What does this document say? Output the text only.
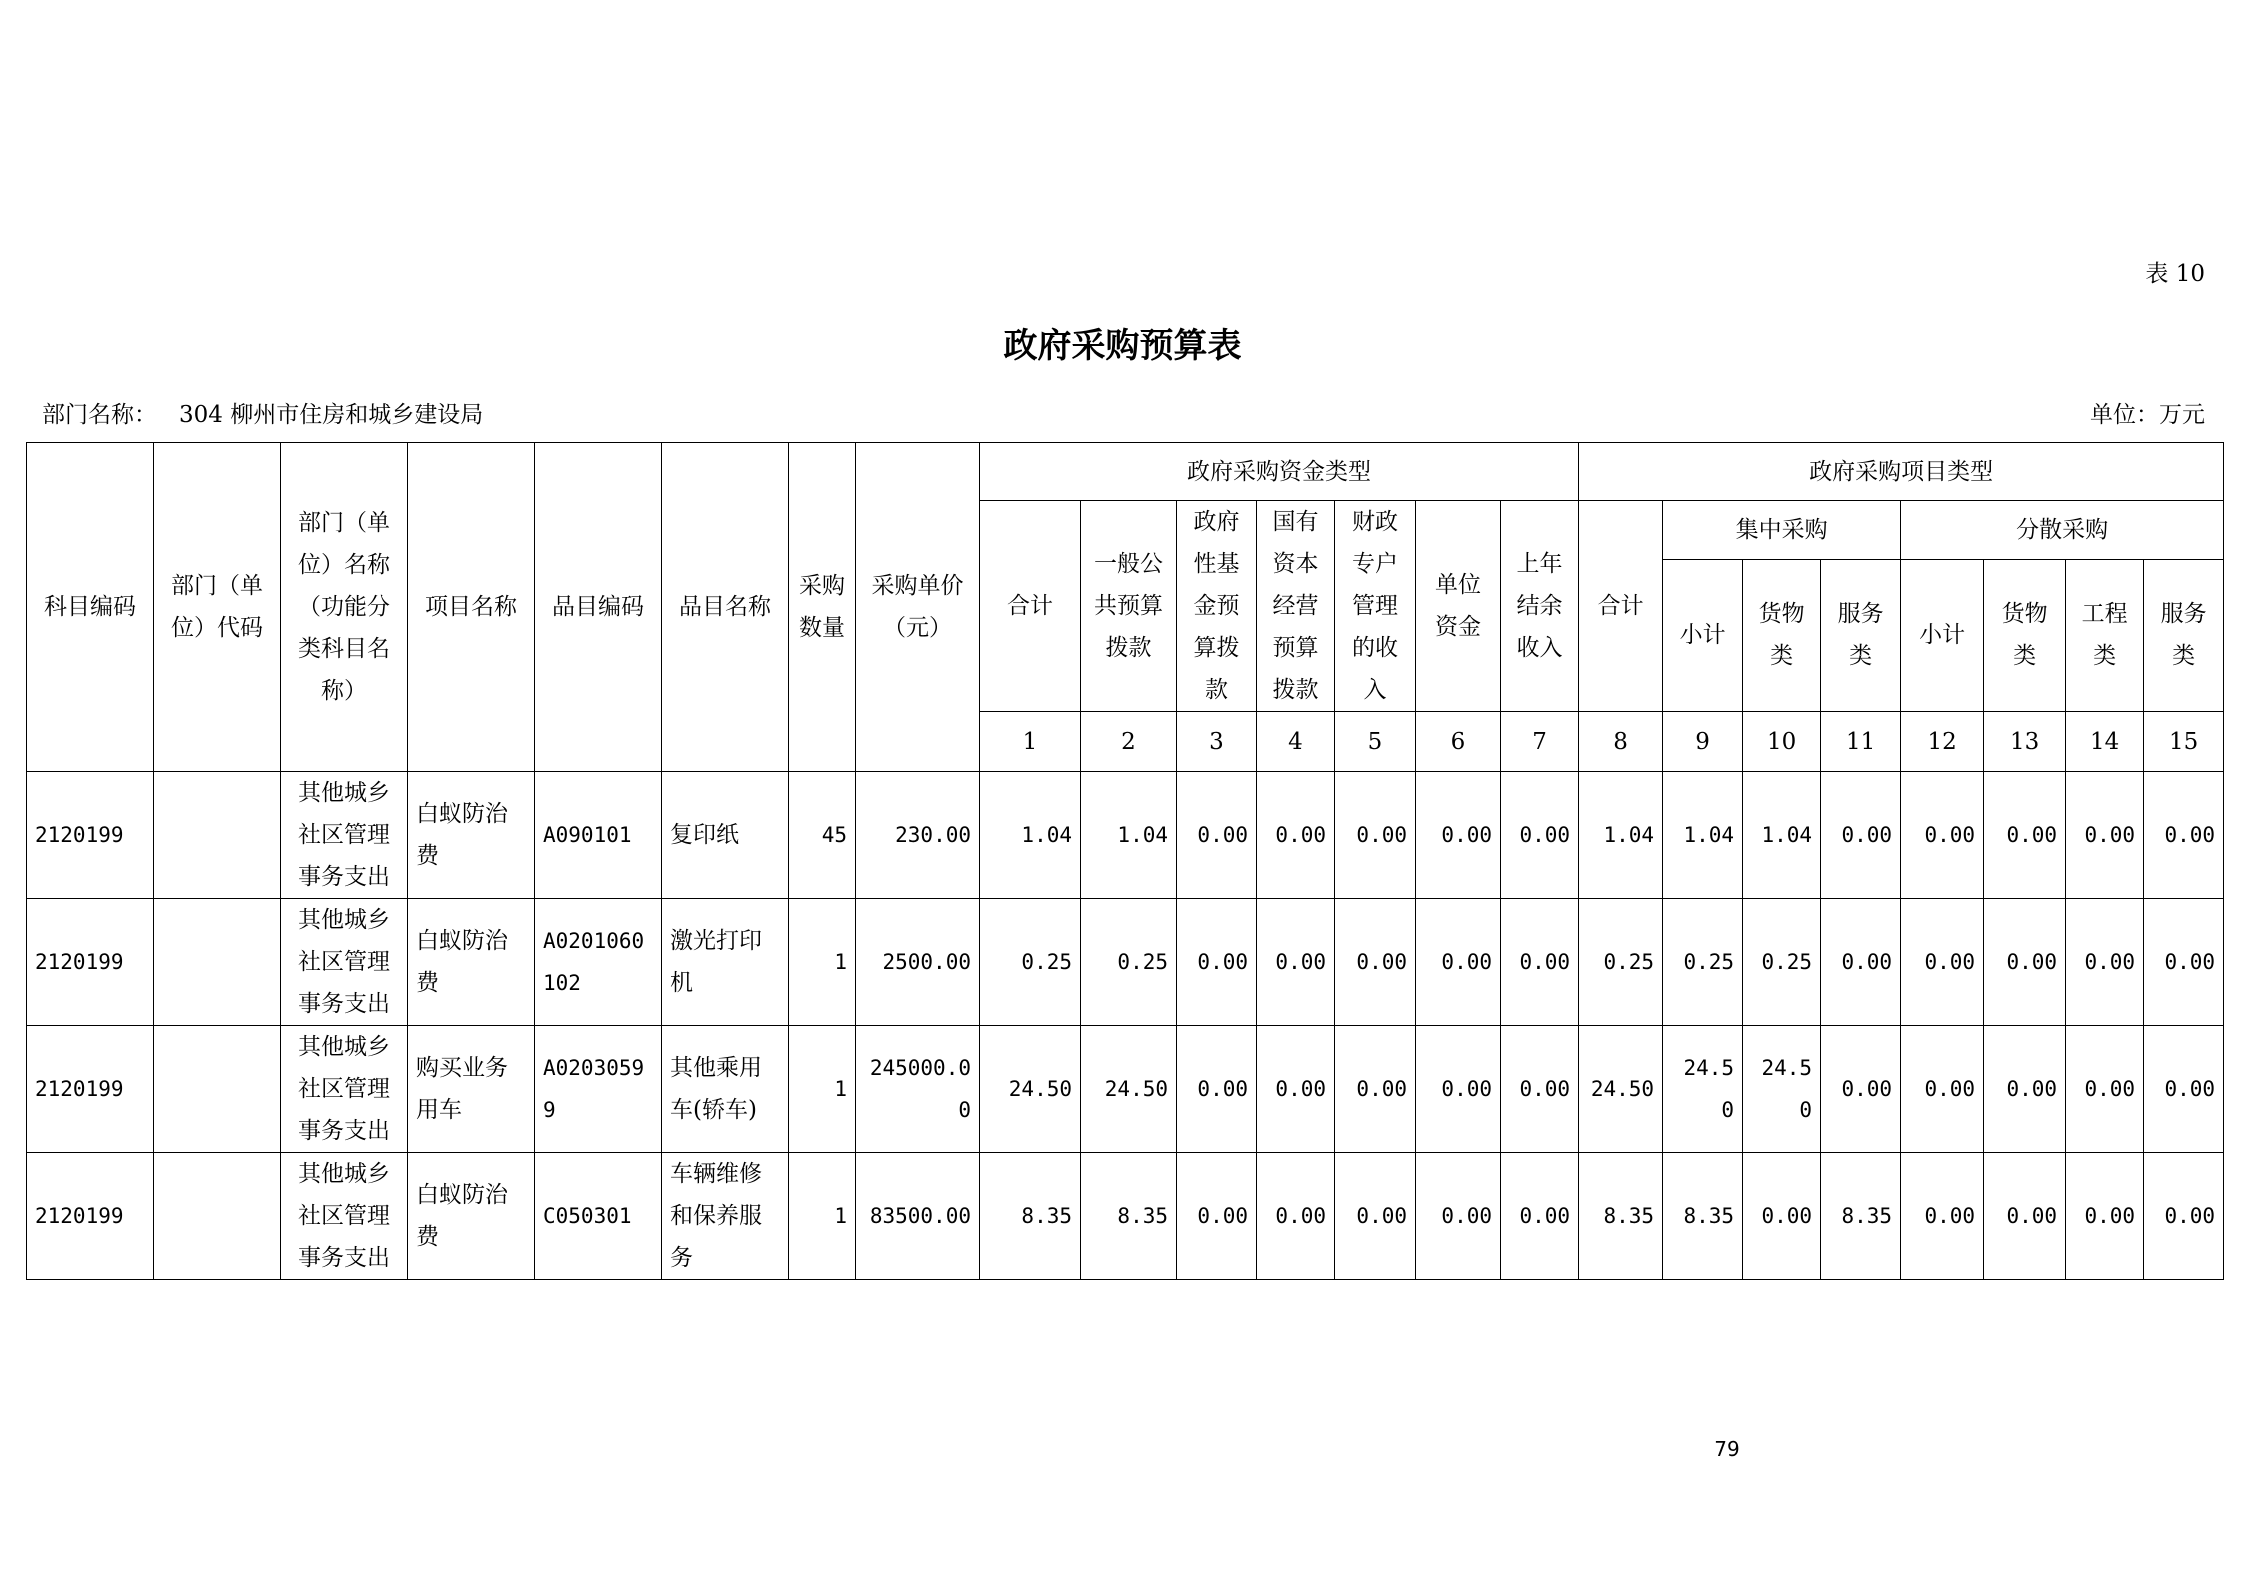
表 10
政府采购预算表
部门名称： 304 柳州市住房和城乡建设局	单位：万元
科目编码	部门（单位）代码	部门（单位）名称（功能分类科目名称）	项目名称	品目编码	品目名称	采购数量	采购单价（元）	政府采购资金类型							政府采购项目类型							
								合计	一般公共预算拨款	政府性基金预算拨款	国有资本经营预算拨款	财政专户管理的收入	单位资金	上年结余收入	合计	集中采购			分散采购			
																小计	货物类	服务类	小计	货物类	工程类	服务类
								1	2	3	4	5	6	7	8	9	10	11	12	13	14	15
2120199		其他城乡社区管理事务支出	白蚁防治费	A090101	复印纸	45	230.00	1.04	1.04	0.00	0.00	0.00	0.00	0.00	1.04	1.04	1.04	0.00	0.00	0.00	0.00	0.00
2120199		其他城乡社区管理事务支出	白蚁防治费	A0201060102	激光打印机	1	2500.00	0.25	0.25	0.00	0.00	0.00	0.00	0.00	0.25	0.25	0.25	0.00	0.00	0.00	0.00	0.00
2120199		其他城乡社区管理事务支出	购买业务用车	A02030599	其他乘用车(轿车)	1	245000.00	24.50	24.50	0.00	0.00	0.00	0.00	0.00	24.50	24.50	24.50	0.00	0.00	0.00	0.00	0.00
2120199		其他城乡社区管理事务支出	白蚁防治费	C050301	车辆维修和保养服务	1	83500.00	8.35	8.35	0.00	0.00	0.00	0.00	0.00	8.35	8.35	0.00	8.35	0.00	0.00	0.00	0.00
79
